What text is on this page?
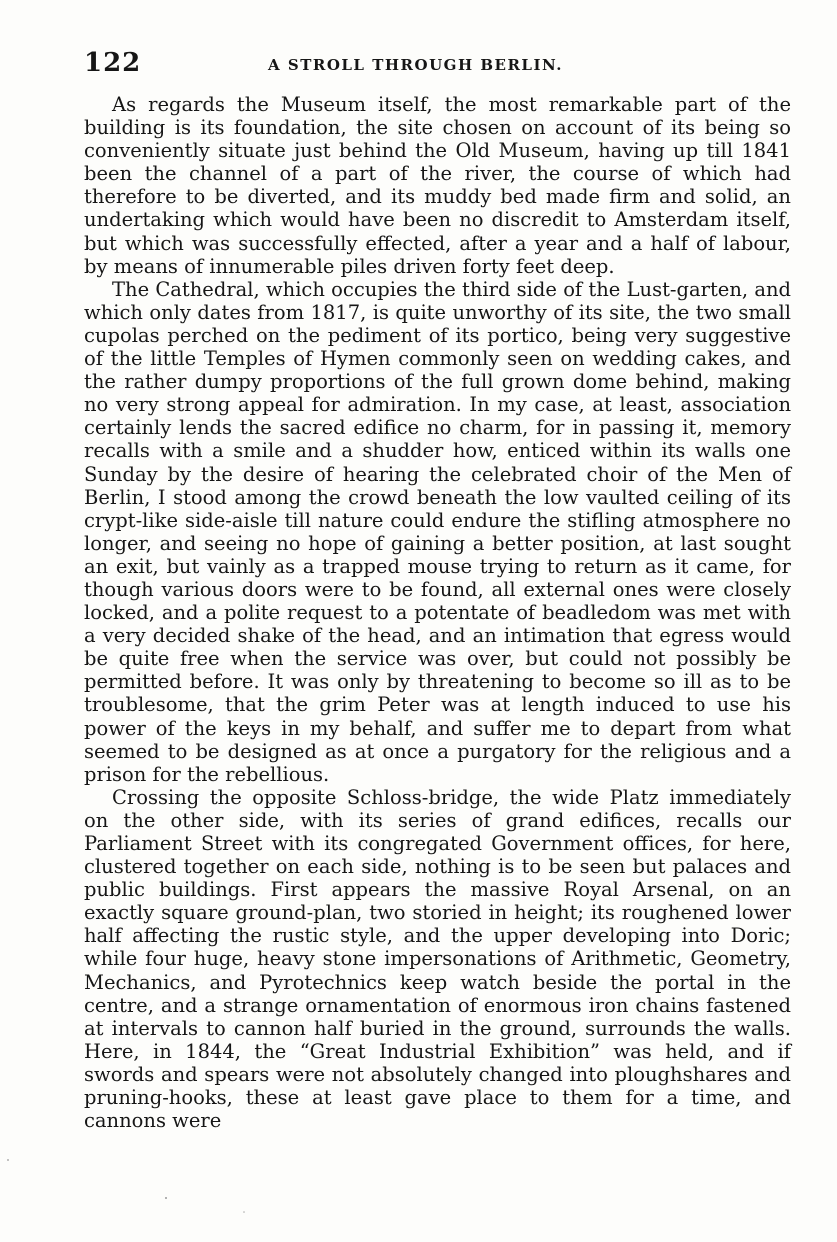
122	A STROLL THROUGH BERLIN.

As regards the Museum itself, the most remarkable part of the building is its foundation, the site chosen on account of its being so conveniently situate just behind the Old Museum, having up till 1841 been the channel of a part of the river, the course of which had therefore to be diverted, and its muddy bed made firm and solid, an undertaking which would have been no discredit to Amsterdam itself, but which was successfully effected, after a year and a half of labour, by means of innumerable piles driven forty feet deep.

The Cathedral, which occupies the third side of the Lust-garten, and which only dates from 1817, is quite unworthy of its site, the two small cupolas perched on the pediment of its portico, being very suggestive of the little Temples of Hymen commonly seen on wedding cakes, and the rather dumpy proportions of the full grown dome behind, making no very strong appeal for admiration. In my case, at least, association certainly lends the sacred edifice no charm, for in passing it, memory recalls with a smile and a shudder how, enticed within its walls one Sunday by the desire of hearing the celebrated choir of the Men of Berlin, I stood among the crowd beneath the low vaulted ceiling of its crypt-like side-aisle till nature could endure the stifling atmosphere no longer, and seeing no hope of gaining a better position, at last sought an exit, but vainly as a trapped mouse trying to return as it came, for though various doors were to be found, all external ones were closely locked, and a polite request to a potentate of beadledom was met with a very decided shake of the head, and an intimation that egress would be quite free when the service was over, but could not possibly be permitted before. It was only by threatening to become so ill as to be troublesome, that the grim Peter was at length induced to use his power of the keys in my behalf, and suffer me to depart from what seemed to be designed as at once a purgatory for the religious and a prison for the rebellious.

Crossing the opposite Schloss-bridge, the wide Platz immediately on the other side, with its series of grand edifices, recalls our Parliament Street with its congregated Government offices, for here, clustered together on each side, nothing is to be seen but palaces and public buildings. First appears the massive Royal Arsenal, on an exactly square ground-plan, two storied in height; its roughened lower half affecting the rustic style, and the upper developing into Doric; while four huge, heavy stone impersonations of Arithmetic, Geometry, Mechanics, and Pyrotechnics keep watch beside the portal in the centre, and a strange ornamentation of enormous iron chains fastened at intervals to cannon half buried in the ground, surrounds the walls. Here, in 1844, the “Great Industrial Exhibition” was held, and if swords and spears were not absolutely changed into ploughshares and pruning-hooks, these at least gave place to them for a time, and cannons were
